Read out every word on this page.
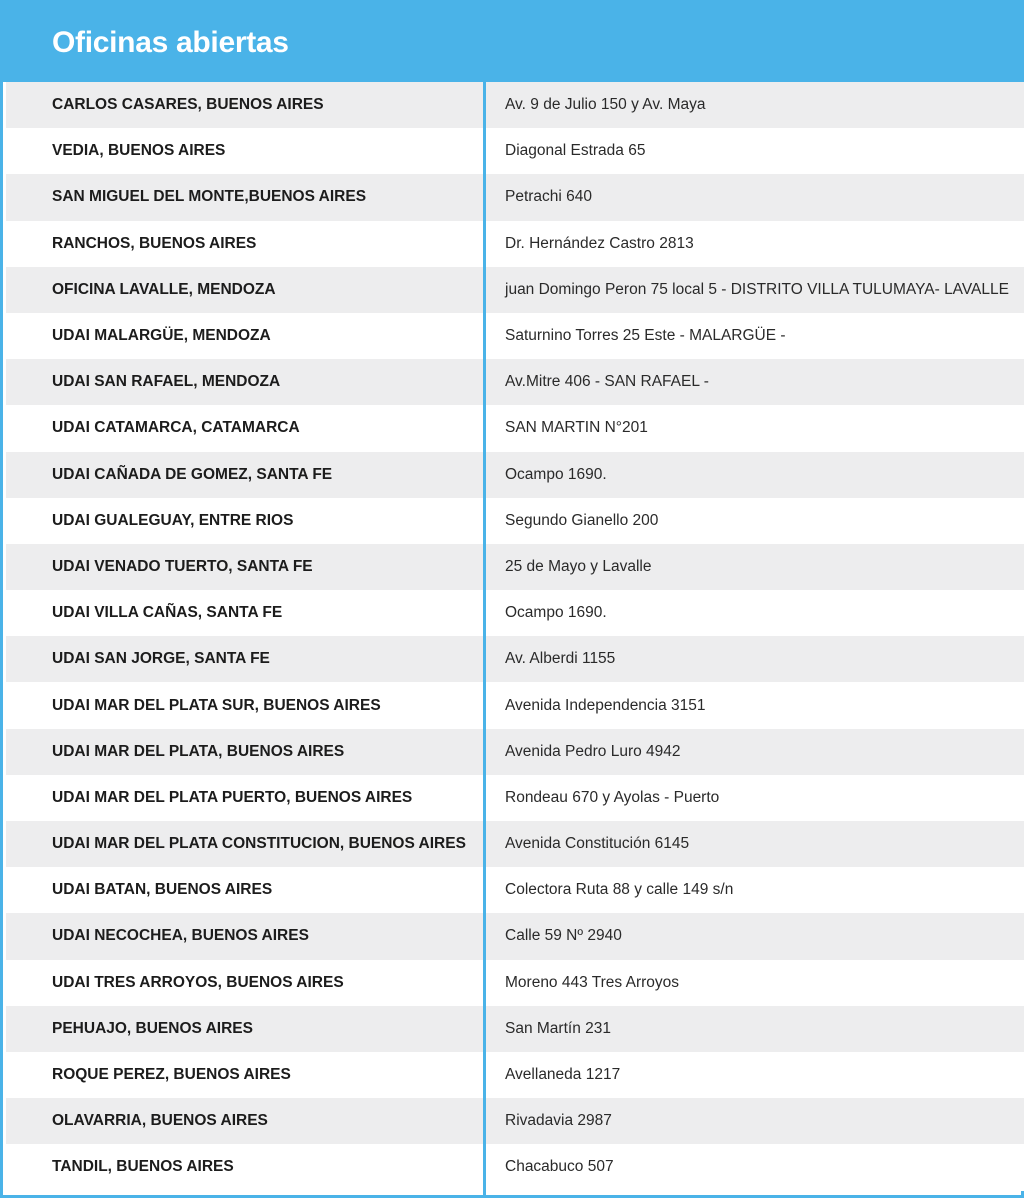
Oficinas abiertas
CARLOS CASARES, BUENOS AIRES	Av. 9 de Julio 150 y Av. Maya
VEDIA, BUENOS AIRES	Diagonal Estrada 65
SAN MIGUEL DEL MONTE,BUENOS AIRES	Petrachi 640
RANCHOS, BUENOS AIRES	Dr. Hernández Castro 2813
OFICINA LAVALLE, MENDOZA	juan Domingo Peron 75 local 5 - DISTRITO VILLA TULUMAYA- LAVALLE
UDAI MALARGÜE, MENDOZA	Saturnino Torres 25 Este - MALARGÜE -
UDAI SAN RAFAEL, MENDOZA	Av.Mitre 406 - SAN RAFAEL -
UDAI CATAMARCA, CATAMARCA	SAN MARTIN N°201
UDAI CAÑADA DE GOMEZ, SANTA FE	Ocampo 1690.
UDAI GUALEGUAY, ENTRE RIOS	Segundo Gianello 200
UDAI VENADO TUERTO, SANTA FE	25 de Mayo y Lavalle
UDAI VILLA CAÑAS, SANTA FE	Ocampo 1690.
UDAI SAN JORGE, SANTA FE	Av. Alberdi 1155
UDAI MAR DEL PLATA SUR, BUENOS AIRES	Avenida Independencia 3151
UDAI MAR DEL PLATA, BUENOS AIRES	Avenida Pedro Luro 4942
UDAI MAR DEL PLATA PUERTO, BUENOS AIRES	Rondeau 670 y Ayolas - Puerto
UDAI MAR DEL PLATA CONSTITUCION, BUENOS AIRES	Avenida Constitución 6145
UDAI BATAN, BUENOS AIRES	Colectora Ruta 88 y calle 149 s/n
UDAI NECOCHEA, BUENOS AIRES	Calle 59 Nº 2940
UDAI TRES ARROYOS, BUENOS AIRES	Moreno 443 Tres Arroyos
PEHUAJO, BUENOS AIRES	San Martín 231
ROQUE PEREZ, BUENOS AIRES	Avellaneda 1217
OLAVARRIA, BUENOS AIRES	Rivadavia 2987
TANDIL, BUENOS AIRES	Chacabuco 507
